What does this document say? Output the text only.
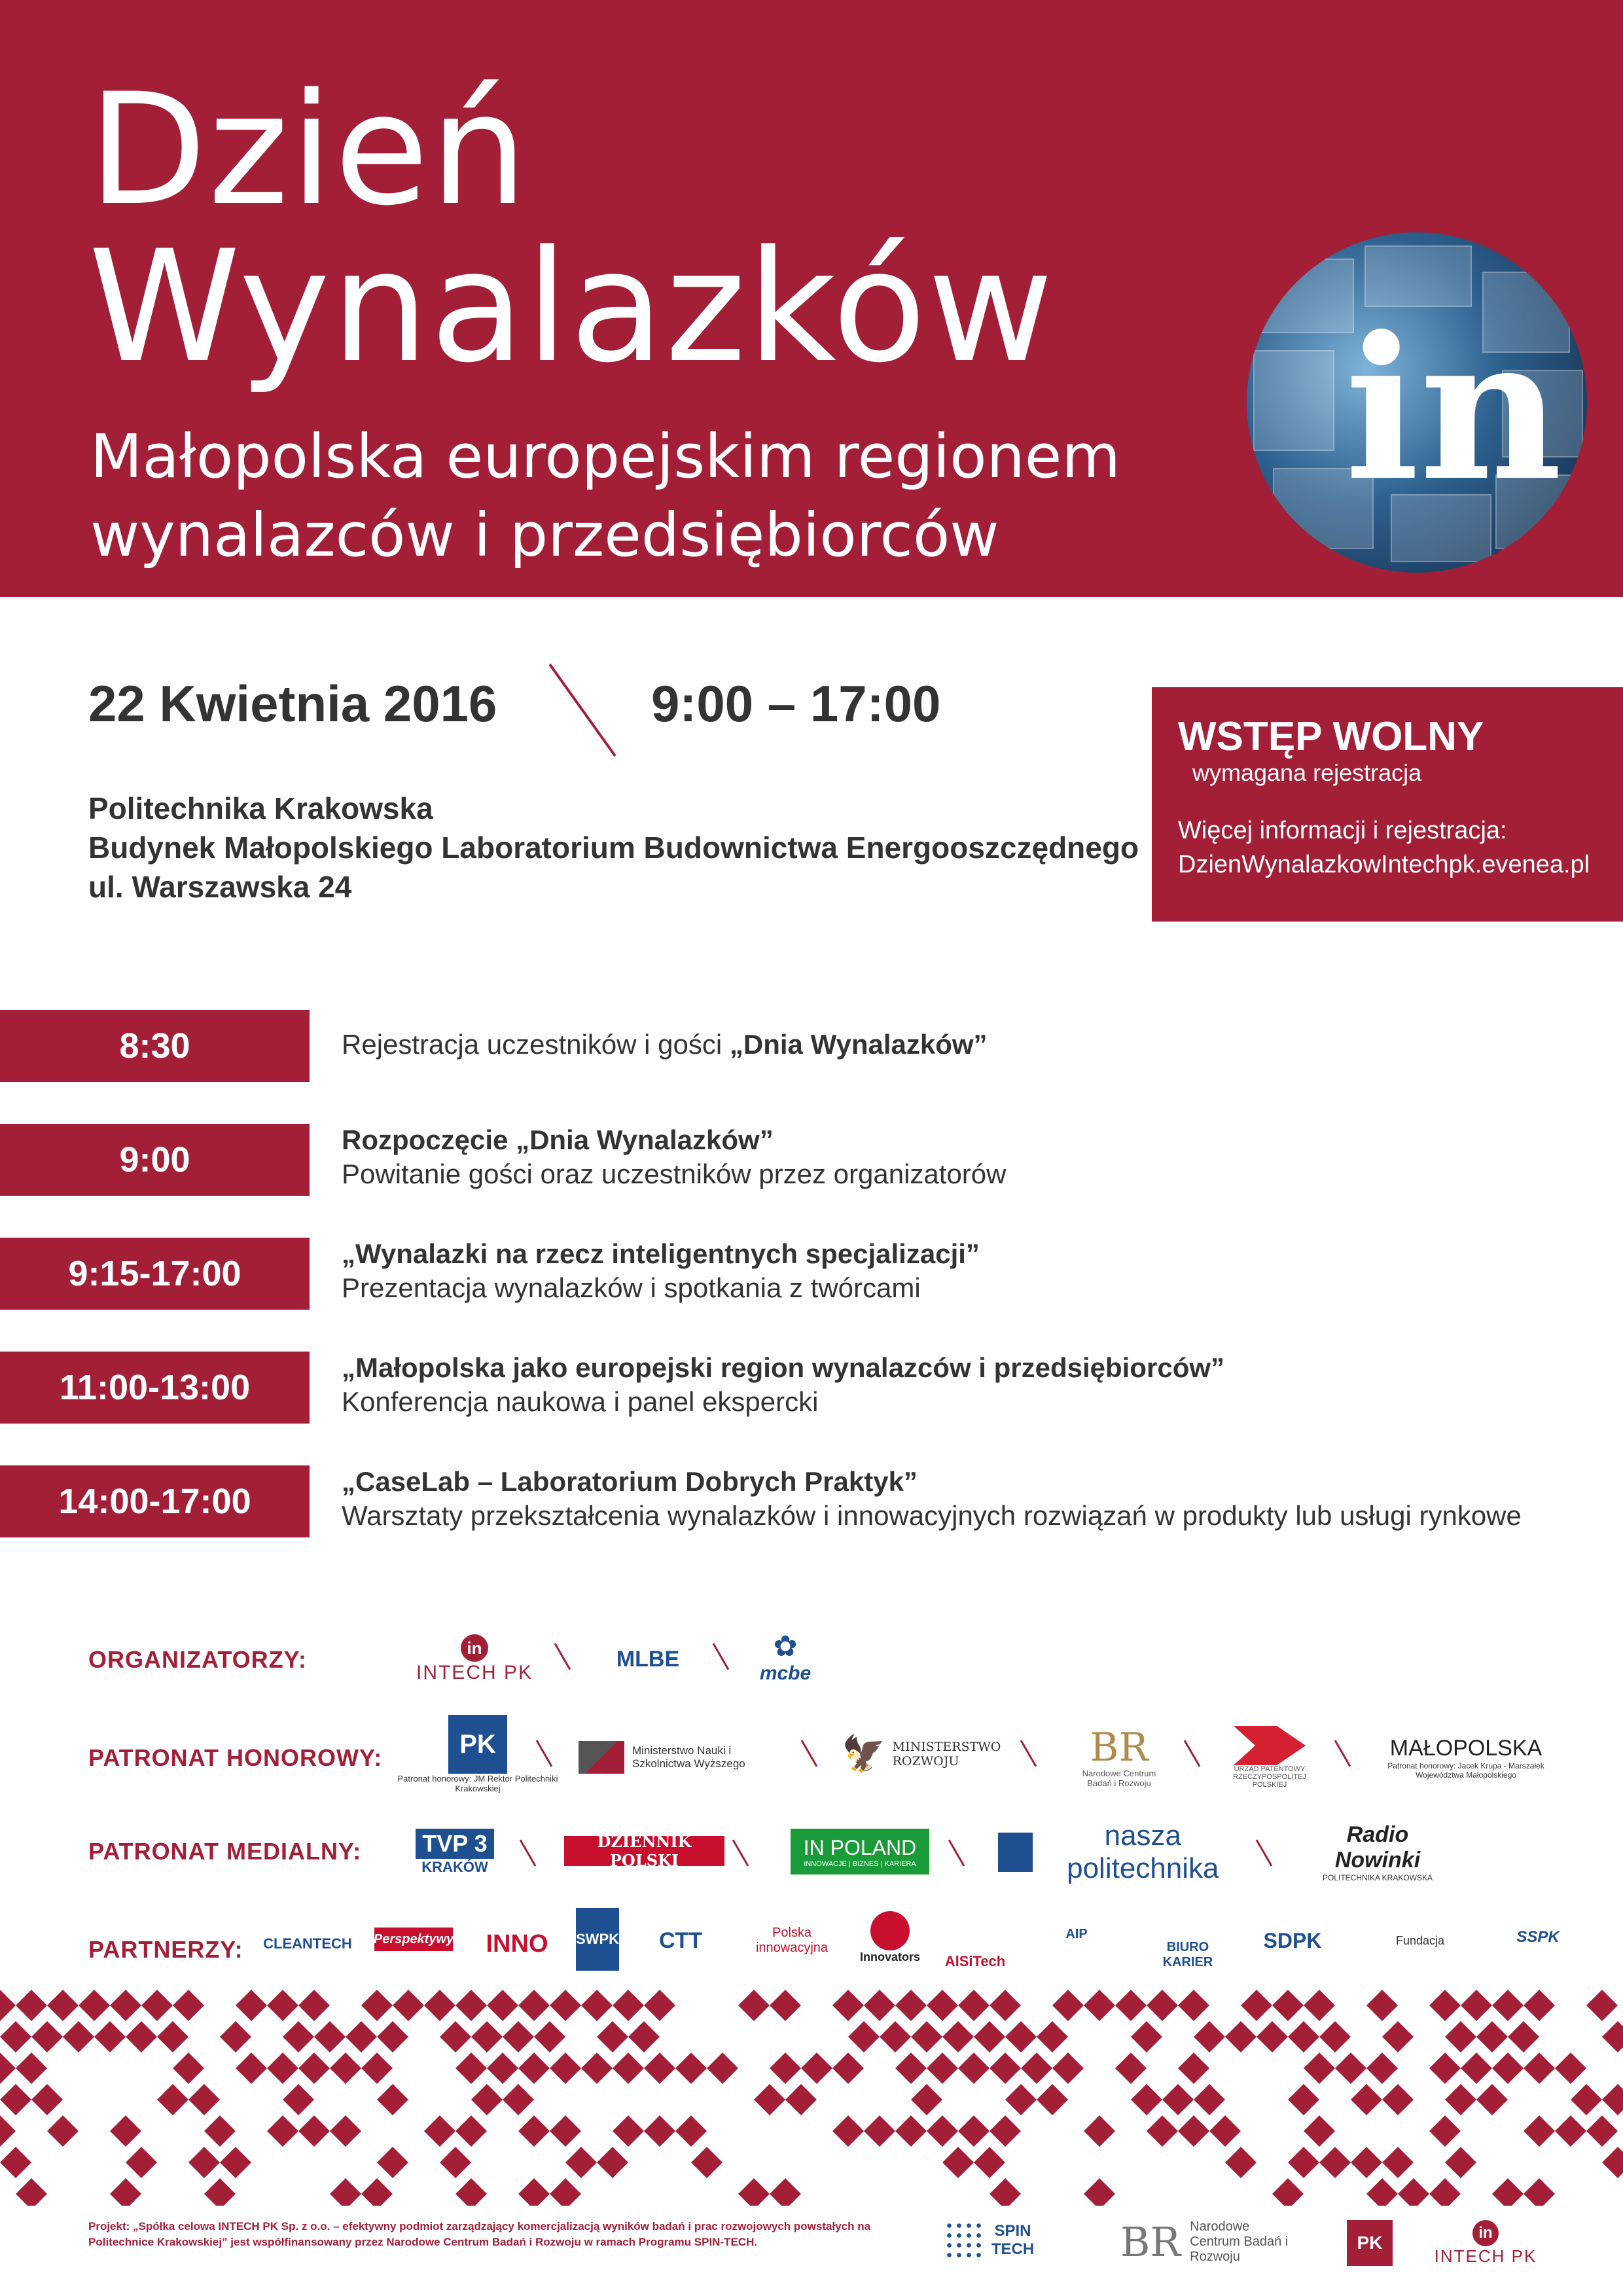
Dzień
Wynalazków
Małopolska europejskim regionem
wynalazców i przedsiębiorców
in
22 Kwietnia 2016	9:00 – 17:00
Politechnika Krakowska
Budynek Małopolskiego Laboratorium Budownictwa Energooszczędnego
ul. Warszawska 24
WSTĘP WOLNY
wymagana rejestracja
Więcej informacji i rejestracja:
DzienWynalazkowIntechpk.evenea.pl
8:30	Rejestracja uczestników i gości „Dnia Wynalazków”
9:00
Rozpoczęcie „Dnia Wynalazków”
Powitanie gości oraz uczestników przez organizatorów
9:15-17:00
„Wynalazki na rzecz inteligentnych specjalizacji”
Prezentacja wynalazków i spotkania z twórcami
11:00-13:00
„Małopolska jako europejski region wynalazców i przedsiębiorców”
Konferencja naukowa i panel ekspercki
14:00-17:00
„CaseLab – Laboratorium Dobrych Praktyk”
Warsztaty przekształcenia wynalazków i innowacyjnych rozwiązań w produkty lub usługi rynkowe
ORGANIZATORZY:	in
INTECH PK
MLBE	✿
mcbe
PATRONAT HONOROWY:	PK
Patronat honorowy: JM Rektor Politechniki Krakowskiej
Ministerstwo Nauki i Szkolnictwa Wyższego	🦅 MINISTERSTWO ROZWOJU	BR
Narodowe Centrum Badań i Rozwoju
URZĄD PATENTOWY RZECZYPOSPOLITEJ POLSKIEJ
MAŁOPOLSKA
Patronat honorowy: Jacek Krupa - Marszałek Województwa Małopolskiego
PATRONAT MEDIALNY:	TVP 3
KRAKÓW
DZIENNIK POLSKI
IN POLAND
INNOWACJE | BIZNES | KARIERA
nasza politechnika
Radio Nowinki
POLITECHNIKA KRAKOWSKA
PARTNERZY:	CLEANTECH	Perspektywy	INNO	SWPK	CTT	Polska innowacyjna
Innovators	AlSiTech
AIP
BIURO KARIER
SDPK	Fundacja	SSPK
Projekt: „Spółka celowa INTECH PK Sp. z o.o. – efektywny podmiot zarządzający komercjalizacją wyników badań i prac rozwojowych powstałych na Politechnice Krakowskiej” jest współfinansowany przez Narodowe Centrum Badań i Rozwoju w ramach Programu SPIN-TECH.
SPIN TECH BR Narodowe Centrum Badań i Rozwoju
PK	in
INTECH PK
